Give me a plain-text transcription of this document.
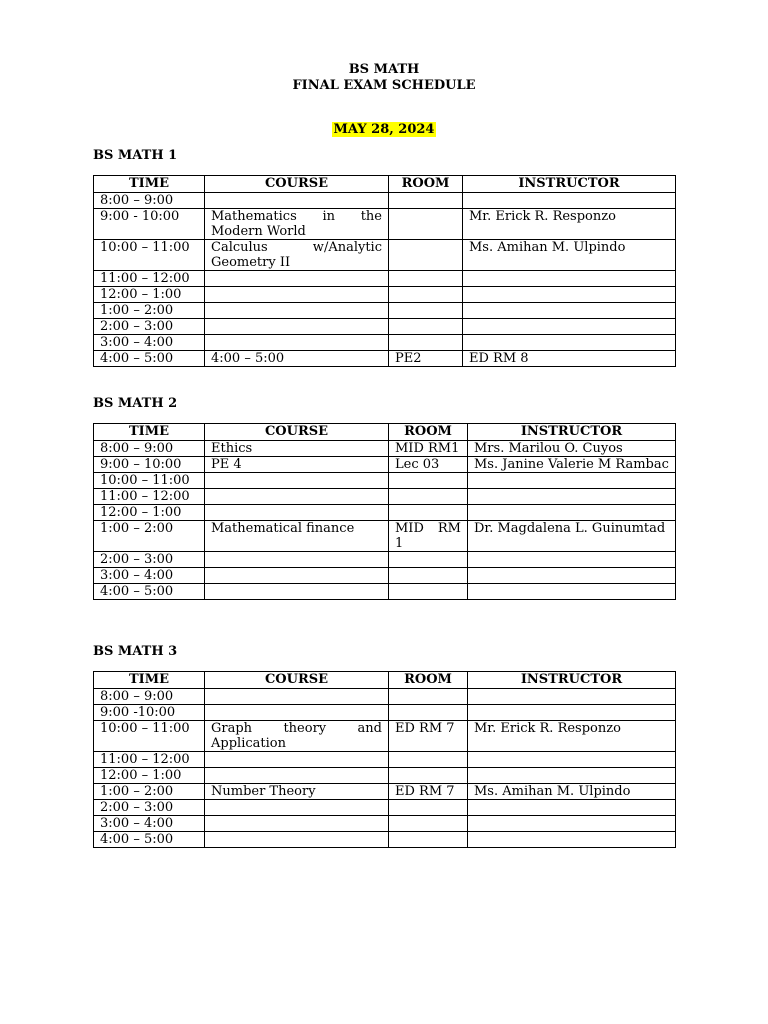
BS MATH
FINAL EXAM SCHEDULE
MAY 28, 2024
BS MATH 1
TIME	COURSE	ROOM	INSTRUCTOR
8:00 – 9:00			
9:00 - 10:00	Mathematics in the Modern World		Mr. Erick R. Responzo
10:00 – 11:00	Calculus w/Analytic Geometry II		Ms. Amihan M. Ulpindo
11:00 – 12:00			
12:00 – 1:00			
1:00 – 2:00			
2:00 – 3:00			
3:00 – 4:00			
4:00 – 5:00	4:00 – 5:00	PE2	ED RM 8
BS MATH 2
TIME	COURSE	ROOM	INSTRUCTOR
8:00 – 9:00	Ethics	MID RM1	Mrs. Marilou O. Cuyos
9:00 – 10:00	PE 4	Lec 03	Ms. Janine Valerie M Rambac
10:00 – 11:00			
11:00 – 12:00			
12:00 – 1:00			
1:00 – 2:00	Mathematical finance	MID RM 1	Dr. Magdalena L. Guinumtad
2:00 – 3:00			
3:00 – 4:00			
4:00 – 5:00			
BS MATH 3
TIME	COURSE	ROOM	INSTRUCTOR
8:00 – 9:00			
9:00 -10:00			
10:00 – 11:00	Graph theory and Application	ED RM 7	Mr. Erick R. Responzo
11:00 – 12:00			
12:00 – 1:00			
1:00 – 2:00	Number Theory	ED RM 7	Ms. Amihan M. Ulpindo
2:00 – 3:00			
3:00 – 4:00			
4:00 – 5:00			
